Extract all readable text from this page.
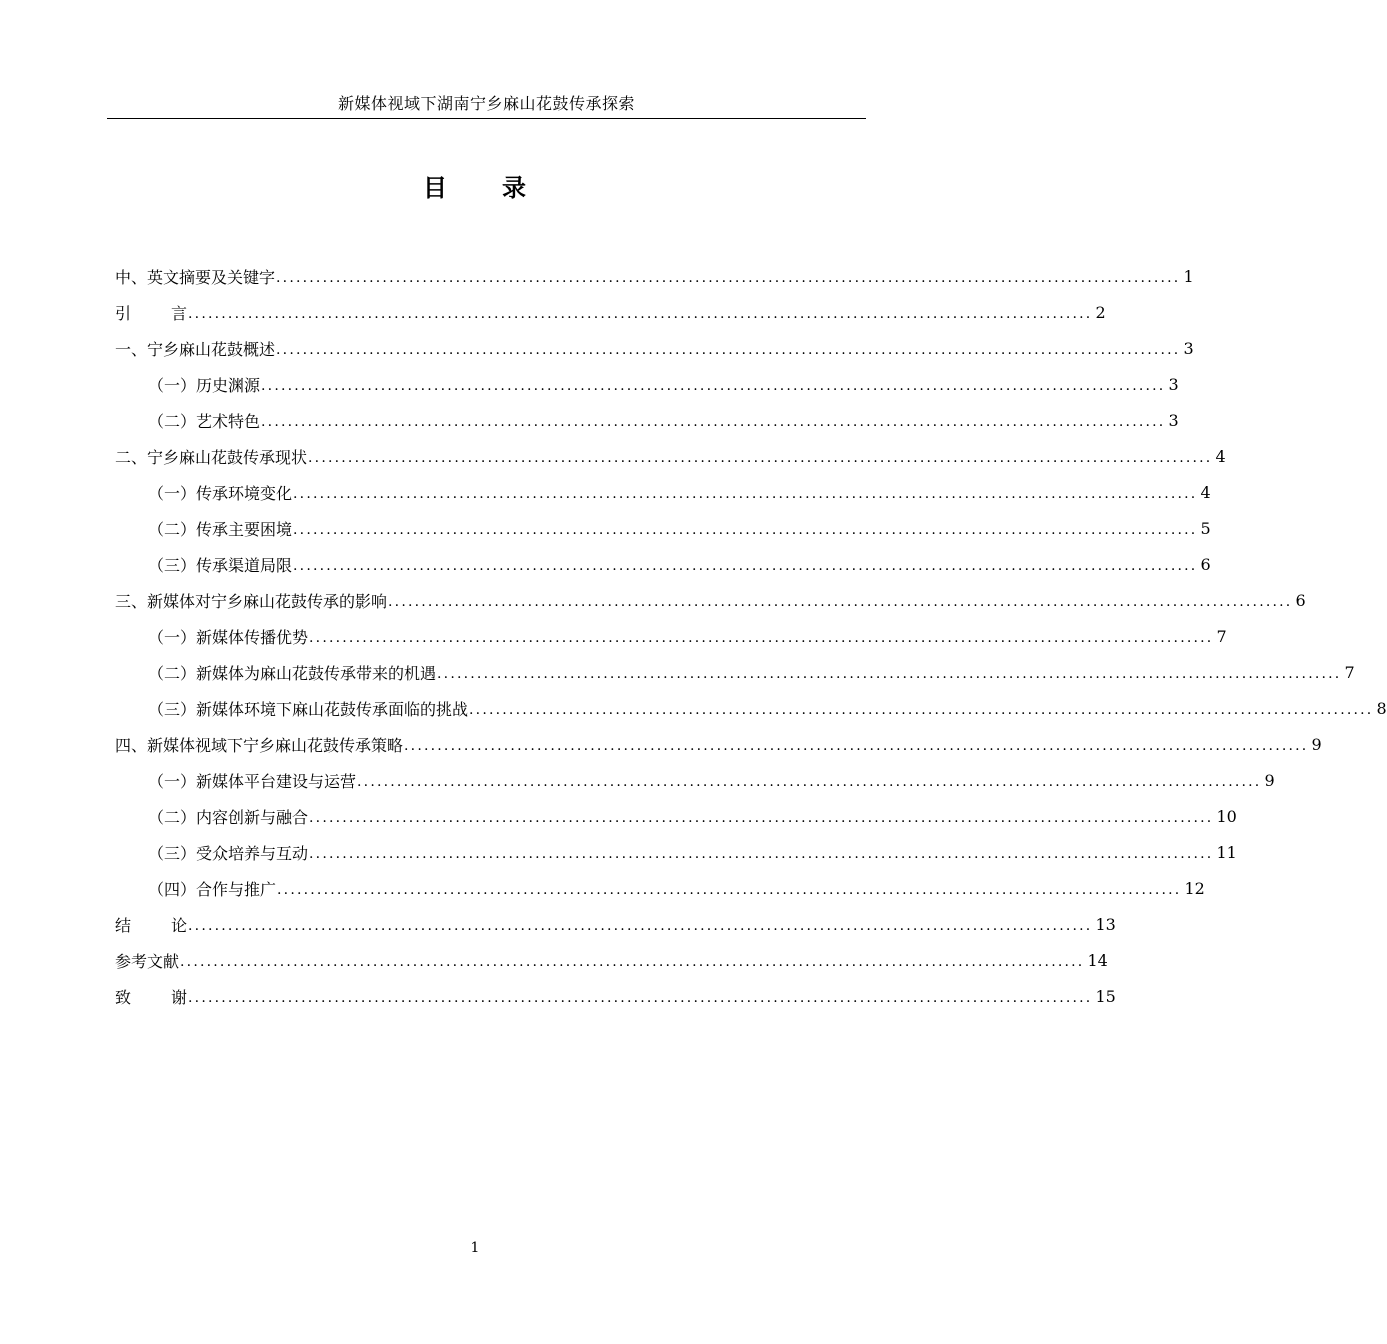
新媒体视域下湖南宁乡麻山花鼓传承探索
目 录
中、英文摘要及关键字 ........................................................................................................................................ 1
引	言 ........................................................................................................................................ 2
一、宁乡麻山花鼓概述 ........................................................................................................................................ 3
（一）历史渊源 ........................................................................................................................................ 3
（二）艺术特色 ........................................................................................................................................ 3
二、宁乡麻山花鼓传承现状 ........................................................................................................................................ 4
（一）传承环境变化 ........................................................................................................................................ 4
（二）传承主要困境 ........................................................................................................................................ 5
（三）传承渠道局限 ........................................................................................................................................ 6
三、新媒体对宁乡麻山花鼓传承的影响 ........................................................................................................................................ 6
（一）新媒体传播优势 ........................................................................................................................................ 7
（二）新媒体为麻山花鼓传承带来的机遇 ........................................................................................................................................ 7
（三）新媒体环境下麻山花鼓传承面临的挑战 ........................................................................................................................................ 8
四、新媒体视域下宁乡麻山花鼓传承策略 ........................................................................................................................................ 9
（一）新媒体平台建设与运营 ........................................................................................................................................ 9
（二）内容创新与融合 ........................................................................................................................................ 10
（三）受众培养与互动 ........................................................................................................................................ 11
（四）合作与推广 ........................................................................................................................................ 12
结	论 ........................................................................................................................................ 13
参考文献 ........................................................................................................................................ 14
致	谢 ........................................................................................................................................ 15
1
